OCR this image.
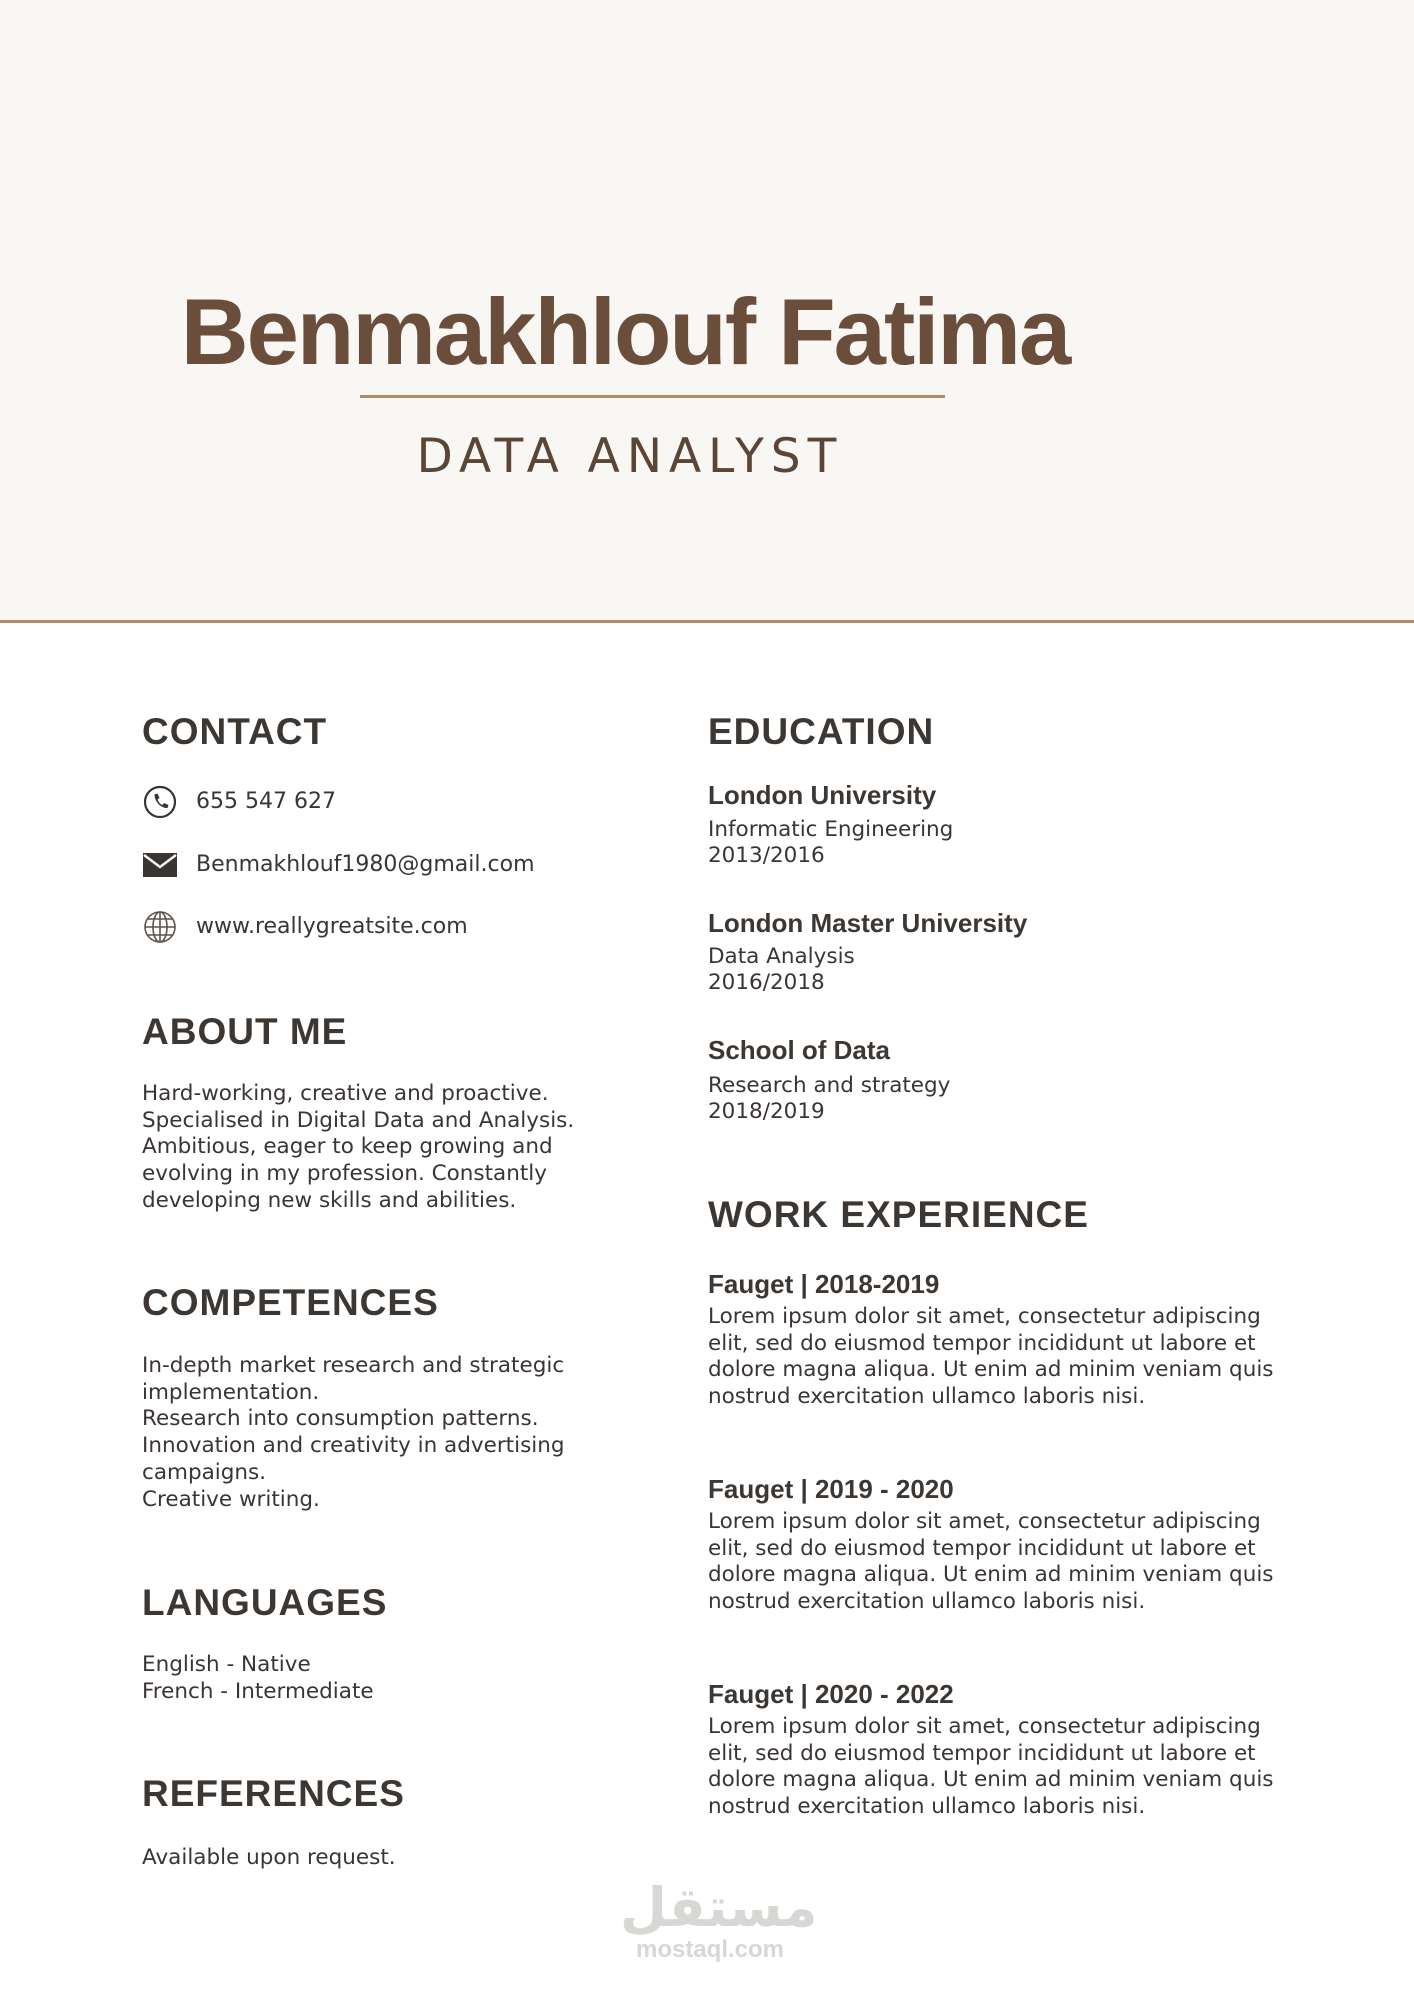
Benmakhlouf Fatima
DATA ANALYST
CONTACT
655 547 627
Benmakhlouf1980@gmail.com
www.reallygreatsite.com
ABOUT ME

Hard-working, creative and proactive.
Specialised in Digital Data and Analysis.
Ambitious, eager to keep growing and
evolving in my profession. Constantly
developing new skills and abilities.

COMPETENCES

In-depth market research and strategic
implementation.
Research into consumption patterns.
Innovation and creativity in advertising
campaigns.
Creative writing.

LANGUAGES

English - Native

French - Intermediate

REFERENCES

Available upon request.

EDUCATION

London University

Informatic Engineering

2013/2016

London Master University

Data Analysis

2016/2018

School of Data

Research and strategy

2018/2019

WORK EXPERIENCE

Fauget | 2018-2019

Lorem ipsum dolor sit amet, consectetur adipiscing
elit, sed do eiusmod tempor incididunt ut labore et
dolore magna aliqua. Ut enim ad minim veniam quis
nostrud exercitation ullamco laboris nisi.

Fauget | 2019 - 2020

Lorem ipsum dolor sit amet, consectetur adipiscing
elit, sed do eiusmod tempor incididunt ut labore et
dolore magna aliqua. Ut enim ad minim veniam quis
nostrud exercitation ullamco laboris nisi.

Fauget | 2020 - 2022

Lorem ipsum dolor sit amet, consectetur adipiscing
elit, sed do eiusmod tempor incididunt ut labore et
dolore magna aliqua. Ut enim ad minim veniam quis
nostrud exercitation ullamco laboris nisi.

مستقل
mostaql.com
